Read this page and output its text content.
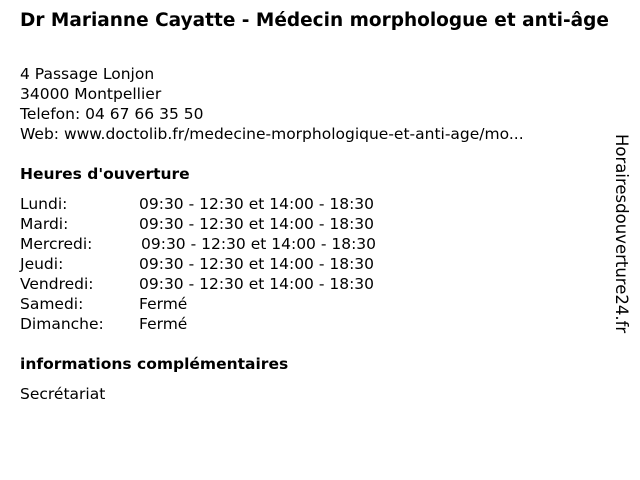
Dr Marianne Cayatte - Médecin morphologue et anti-âge
4 Passage Lonjon
34000 Montpellier
Telefon: 04 67 66 35 50
Web: www.doctolib.fr/medecine-morphologique-et-anti-age/mo...
Heures d'ouverture
Lundi:	09:30 - 12:30 et 14:00 - 18:30
Mardi:	09:30 - 12:30 et 14:00 - 18:30
Mercredi:	09:30 - 12:30 et 14:00 - 18:30
Jeudi:	09:30 - 12:30 et 14:00 - 18:30
Vendredi:	09:30 - 12:30 et 14:00 - 18:30
Samedi:	Fermé
Dimanche:	Fermé
informations complémentaires
Secrétariat
Horairesdouverture24.fr
